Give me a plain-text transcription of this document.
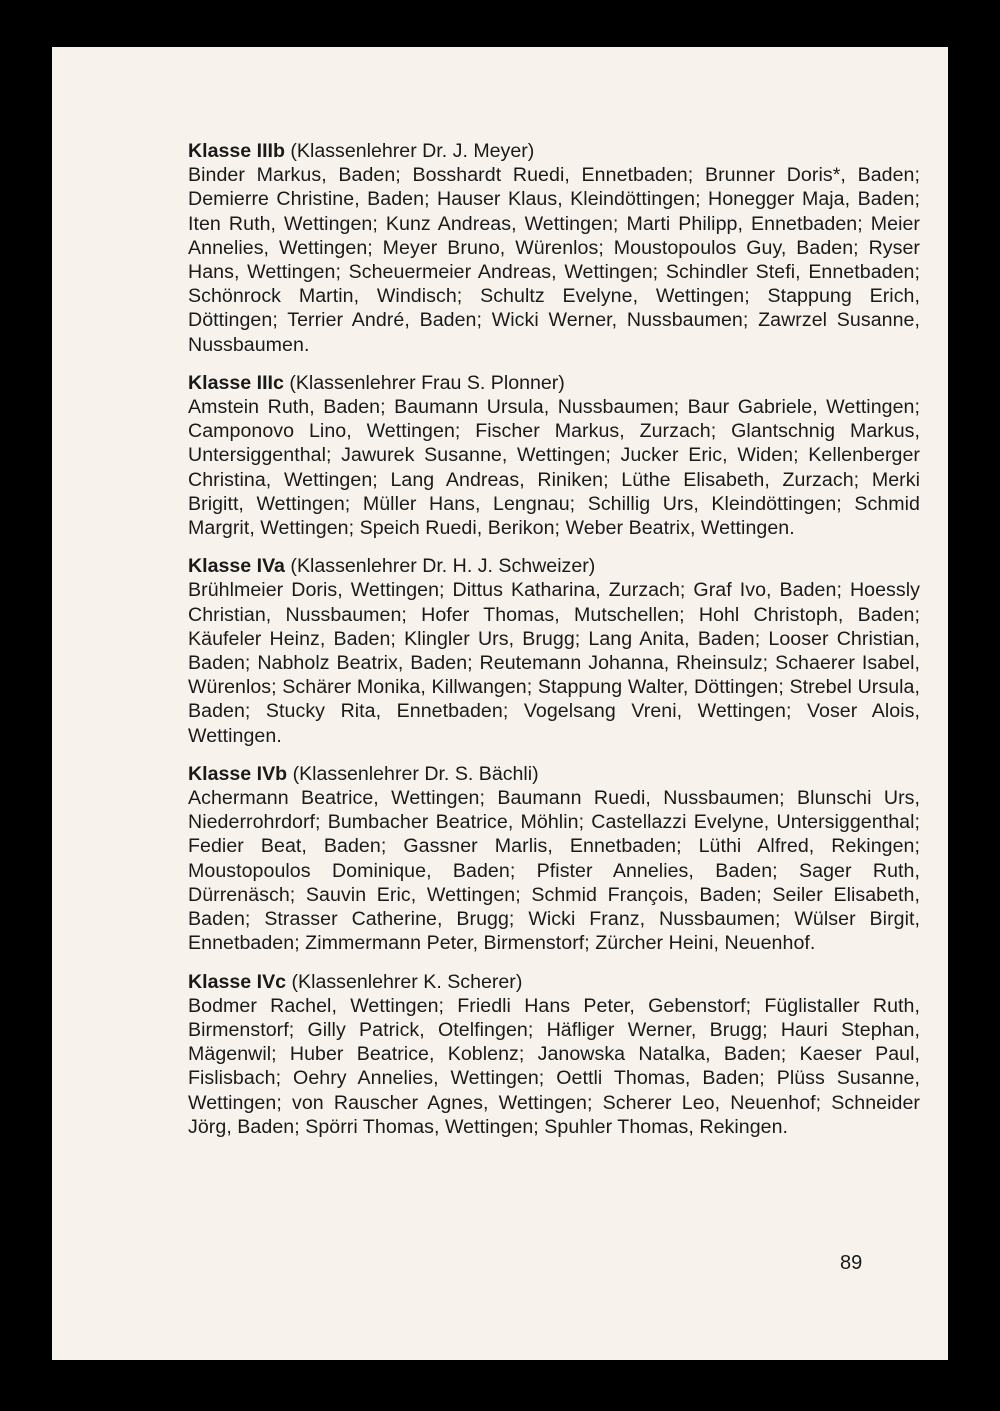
Klasse IIIb (Klassenlehrer Dr. J. Meyer)

Binder Markus, Baden; Bosshardt Ruedi, Ennetbaden; Brunner Doris*, Baden; Demierre Christine, Baden; Hauser Klaus, Kleindöttingen; Honegger Maja, Baden; Iten Ruth, Wettingen; Kunz Andreas, Wettingen; Marti Philipp, Ennetbaden; Meier Annelies, Wettingen; Meyer Bruno, Würenlos; Moustopoulos Guy, Baden; Ryser Hans, Wettingen; Scheuermeier Andreas, Wettingen; Schindler Stefi, Ennetbaden; Schönrock Martin, Windisch; Schultz Evelyne, Wettingen; Stappung Erich, Döttingen; Terrier André, Baden; Wicki Werner, Nussbaumen; Zawrzel Susanne, Nussbaumen.

Klasse IIIc (Klassenlehrer Frau S. Plonner)

Amstein Ruth, Baden; Baumann Ursula, Nussbaumen; Baur Gabriele, Wettingen; Camponovo Lino, Wettingen; Fischer Markus, Zurzach; Glantschnig Markus, Untersiggenthal; Jawurek Susanne, Wettingen; Jucker Eric, Widen; Kellenberger Christina, Wettingen; Lang Andreas, Riniken; Lüthe Elisabeth, Zurzach; Merki Brigitt, Wettingen; Müller Hans, Lengnau; Schillig Urs, Kleindöttingen; Schmid Margrit, Wettingen; Speich Ruedi, Berikon; Weber Beatrix, Wettingen.

Klasse IVa (Klassenlehrer Dr. H. J. Schweizer)

Brühlmeier Doris, Wettingen; Dittus Katharina, Zurzach; Graf Ivo, Baden; Hoessly Christian, Nussbaumen; Hofer Thomas, Mutschellen; Hohl Christoph, Baden; Käufeler Heinz, Baden; Klingler Urs, Brugg; Lang Anita, Baden; Looser Christian, Baden; Nabholz Beatrix, Baden; Reutemann Johanna, Rheinsulz; Schaerer Isabel, Würenlos; Schärer Monika, Killwangen; Stappung Walter, Döttingen; Strebel Ursula, Baden; Stucky Rita, Ennetbaden; Vogelsang Vreni, Wettingen; Voser Alois, Wettingen.

Klasse IVb (Klassenlehrer Dr. S. Bächli)

Achermann Beatrice, Wettingen; Baumann Ruedi, Nussbaumen; Blunschi Urs, Niederrohrdorf; Bumbacher Beatrice, Möhlin; Castellazzi Evelyne, Untersiggenthal; Fedier Beat, Baden; Gassner Marlis, Ennetbaden; Lüthi Alfred, Rekingen; Moustopoulos Dominique, Baden; Pfister Annelies, Baden; Sager Ruth, Dürrenäsch; Sauvin Eric, Wettingen; Schmid François, Baden; Seiler Elisabeth, Baden; Strasser Catherine, Brugg; Wicki Franz, Nussbaumen; Wülser Birgit, Ennetbaden; Zimmermann Peter, Birmenstorf; Zürcher Heini, Neuenhof.

Klasse IVc (Klassenlehrer K. Scherer)

Bodmer Rachel, Wettingen; Friedli Hans Peter, Gebenstorf; Füglistaller Ruth, Birmenstorf; Gilly Patrick, Otelfingen; Häfliger Werner, Brugg; Hauri Stephan, Mägenwil; Huber Beatrice, Koblenz; Janowska Natalka, Baden; Kaeser Paul, Fislisbach; Oehry Annelies, Wettingen; Oettli Thomas, Baden; Plüss Susanne, Wettingen; von Rauscher Agnes, Wettingen; Scherer Leo, Neuenhof; Schneider Jörg, Baden; Spörri Thomas, Wettingen; Spuhler Thomas, Rekingen.

89
